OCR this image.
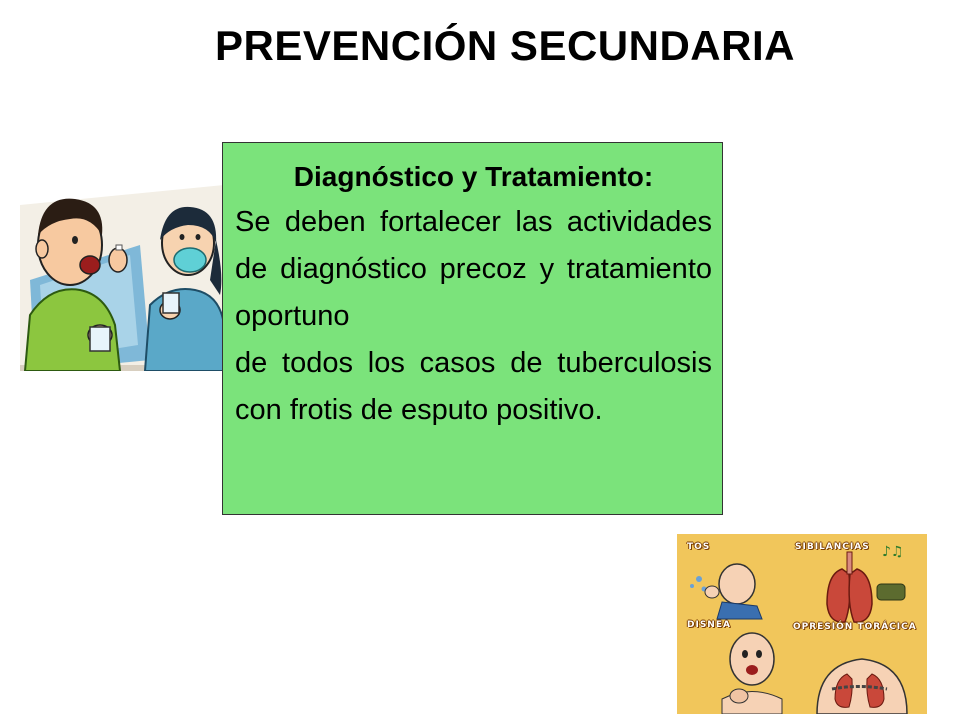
PREVENCIÓN SECUNDARIA

Diagnóstico y Tratamiento:

Se deben fortalecer las actividades de diagnóstico precoz y tratamiento oportuno

de todos los casos de tuberculosis con frotis de esputo positivo.

♪♫
TOS	SIBILANCIAS
DISNEA	OPRESIÓN TORÁCICA
